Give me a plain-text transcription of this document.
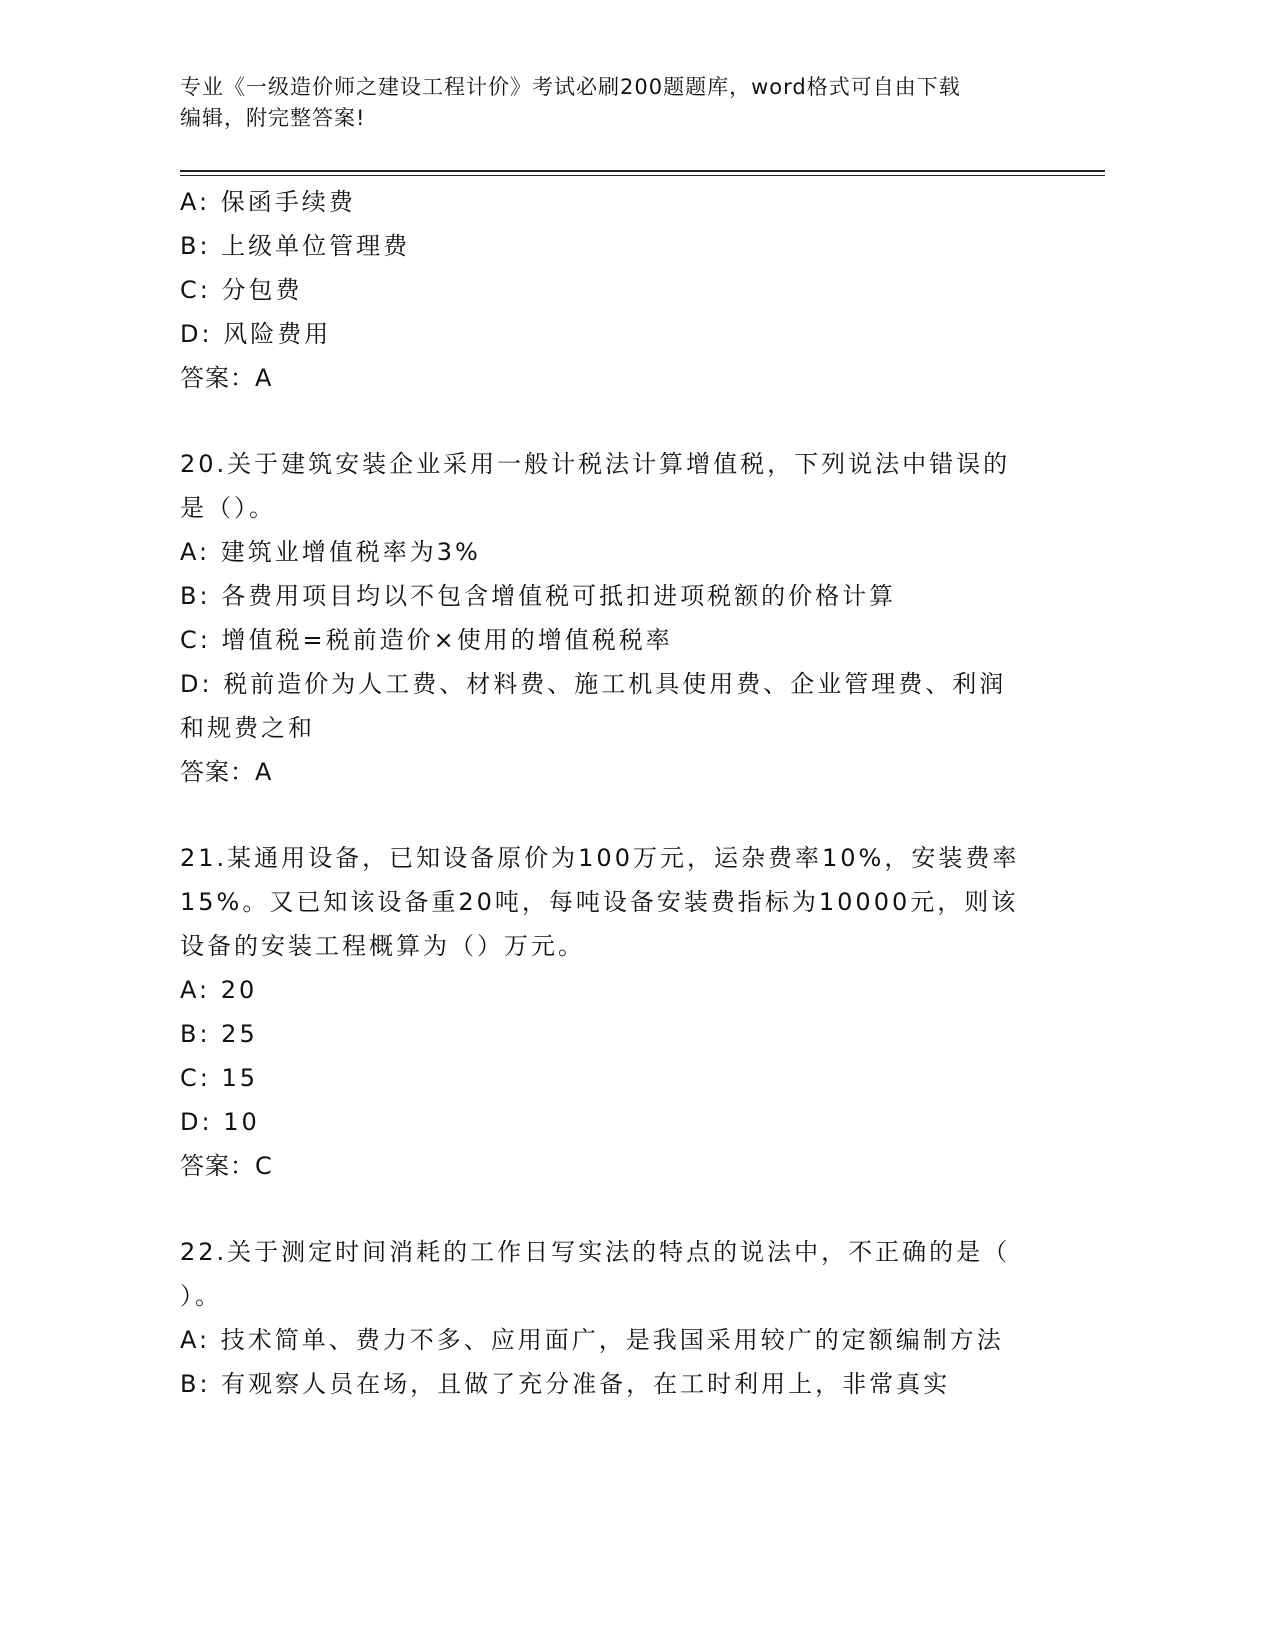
专业《一级造价师之建设工程计价》考试必刷200题题库，word格式可自由下载
编辑，附完整答案!
A: 保函手续费
B: 上级单位管理费
C: 分包费
D: 风险费用
答案：A
20.关于建筑安装企业采用一般计税法计算增值税，下列说法中错误的
是（）。
A: 建筑业增值税率为3%
B: 各费用项目均以不包含增值税可抵扣进项税额的价格计算
C: 增值税=税前造价×使用的增值税税率
D: 税前造价为人工费、材料费、施工机具使用费、企业管理费、利润
和规费之和
答案：A
21.某通用设备，已知设备原价为100万元，运杂费率10%，安装费率
15%。又已知该设备重20吨，每吨设备安装费指标为10000元，则该
设备的安装工程概算为（）万元。
A: 20
B: 25
C: 15
D: 10
答案：C
22.关于测定时间消耗的工作日写实法的特点的说法中，不正确的是（
）。
A: 技术简单、费力不多、应用面广，是我国采用较广的定额编制方法
B: 有观察人员在场，且做了充分准备，在工时利用上，非常真实
